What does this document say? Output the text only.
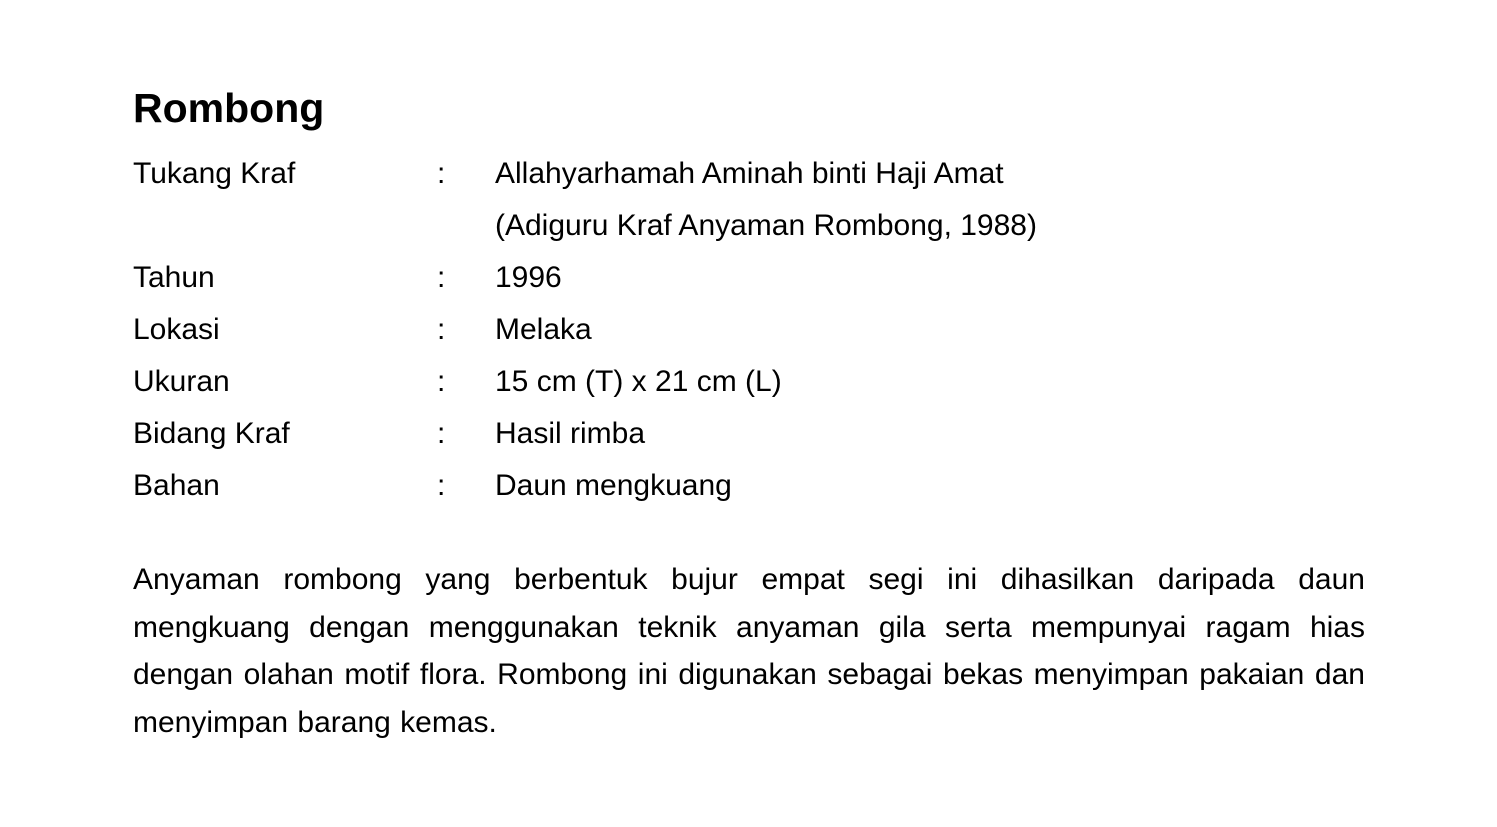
Rombong
Tukang Kraf	:	Allahyarhamah Aminah binti Haji Amat
(Adiguru Kraf Anyaman Rombong, 1988)
Tahun	:	1996
Lokasi	:	Melaka
Ukuran	:	15 cm (T) x 21 cm (L)
Bidang Kraf	:	Hasil rimba
Bahan	:	Daun mengkuang

Anyaman rombong yang berbentuk bujur empat segi ini dihasilkan daripada daun mengkuang dengan menggunakan teknik anyaman gila serta mempunyai ragam hias dengan olahan motif flora. Rombong ini digunakan sebagai bekas menyimpan pakaian dan menyimpan barang kemas.
